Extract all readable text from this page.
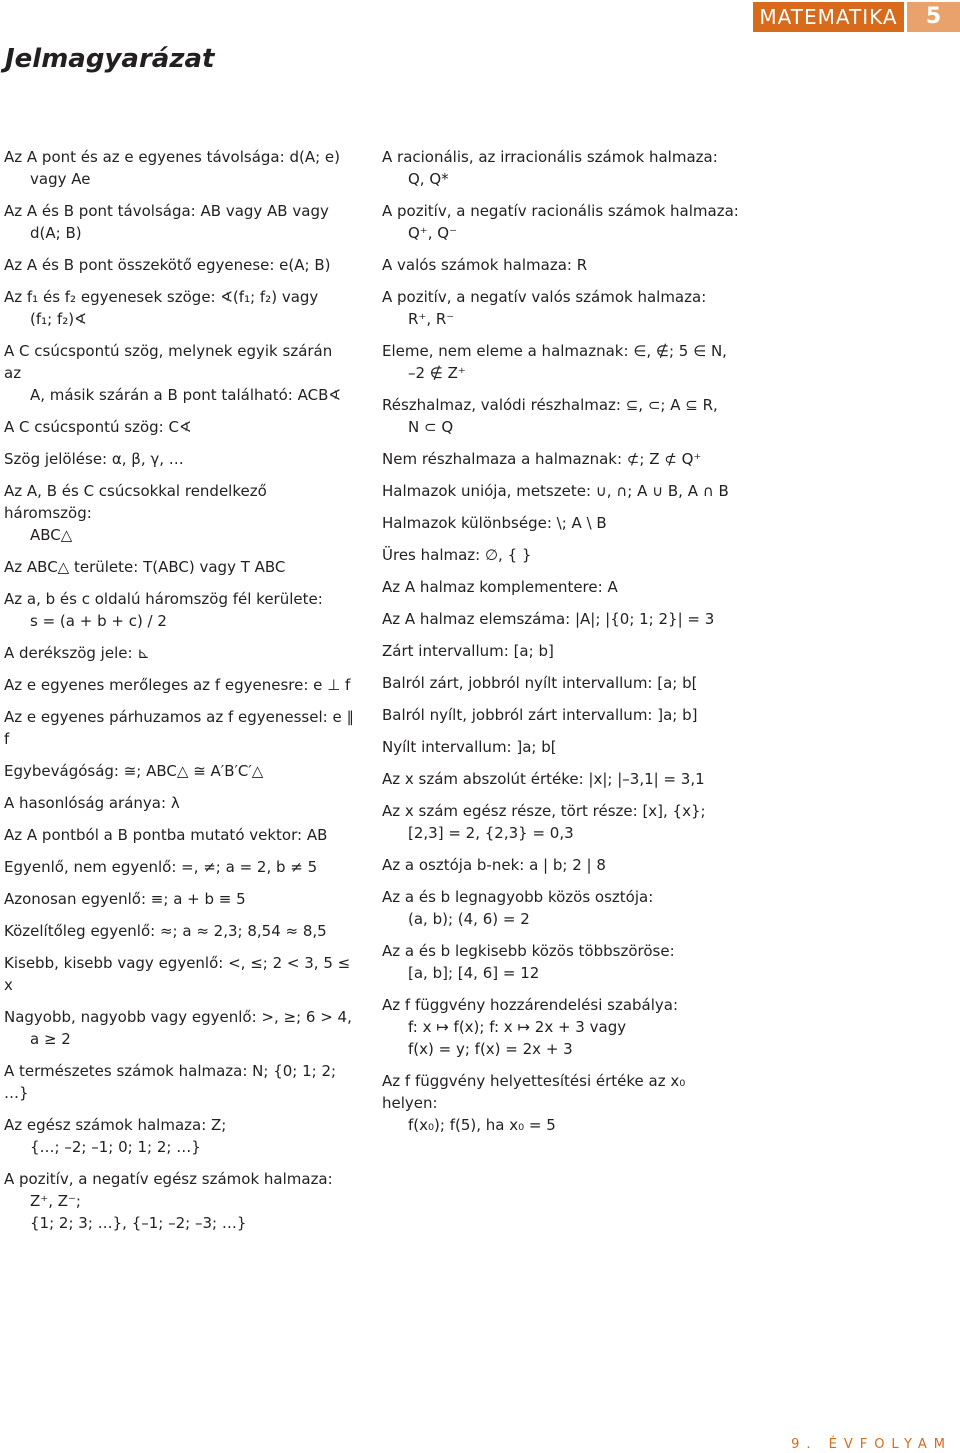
MATEMATIKA	5
Jelmagyarázat
Az A pont és az e egyenes távolsága: d(A; e)
vagy Ae
Az A és B pont távolsága: AB vagy AB vagy
d(A; B)
Az A és B pont összekötő egyenese: e(A; B)
Az f₁ és f₂ egyenesek szöge: ∢(f₁; f₂) vagy
(f₁; f₂)∢
A C csúcspontú szög, melynek egyik szárán az
A, másik szárán a B pont található: ACB∢
A C csúcspontú szög: C∢
Szög jelölése: α, β, γ, …
Az A, B és C csúcsokkal rendelkező háromszög:
ABC△
Az ABC△ területe: T(ABC) vagy T ABC
Az a, b és c oldalú háromszög fél kerülete:
s = (a + b + c) / 2
A derékszög jele: ⊾
Az e egyenes merőleges az f egyenesre: e ⊥ f
Az e egyenes párhuzamos az f egyenessel: e ∥ f
Egybevágóság: ≅; ABC△ ≅ A′B′C′△
A hasonlóság aránya: λ
Az A pontból a B pontba mutató vektor: AB
Egyenlő, nem egyenlő: =, ≠; a = 2, b ≠ 5
Azonosan egyenlő: ≡; a + b ≡ 5
Közelítőleg egyenlő: ≈; a ≈ 2,3; 8,54 ≈ 8,5
Kisebb, kisebb vagy egyenlő: <, ≤; 2 < 3, 5 ≤ x
Nagyobb, nagyobb vagy egyenlő: >, ≥; 6 > 4,
a ≥ 2
A természetes számok halmaza: N; {0; 1; 2; …}
Az egész számok halmaza: Z;
{…; –2; –1; 0; 1; 2; …}
A pozitív, a negatív egész számok halmaza:
Z⁺, Z⁻;
{1; 2; 3; …}, {–1; –2; –3; …}
A racionális, az irracionális számok halmaza:
Q, Q*
A pozitív, a negatív racionális számok halmaza:
Q⁺, Q⁻
A valós számok halmaza: R
A pozitív, a negatív valós számok halmaza:
R⁺, R⁻
Eleme, nem eleme a halmaznak: ∈, ∉; 5 ∈ N,
–2 ∉ Z⁺
Részhalmaz, valódi részhalmaz: ⊆, ⊂; A ⊆ R,
N ⊂ Q
Nem részhalmaza a halmaznak: ⊄; Z ⊄ Q⁺
Halmazok uniója, metszete: ∪, ∩; A ∪ B, A ∩ B
Halmazok különbsége: \; A \ B
Üres halmaz: ∅, { }
Az A halmaz komplementere: A
Az A halmaz elemszáma: |A|; |{0; 1; 2}| = 3
Zárt intervallum: [a; b]
Balról zárt, jobbról nyílt intervallum: [a; b[
Balról nyílt, jobbról zárt intervallum: ]a; b]
Nyílt intervallum: ]a; b[
Az x szám abszolút értéke: |x|; |–3,1| = 3,1
Az x szám egész része, tört része: [x], {x};
[2,3] = 2, {2,3} = 0,3
Az a osztója b-nek: a | b; 2 | 8
Az a és b legnagyobb közös osztója:
(a, b); (4, 6) = 2
Az a és b legkisebb közös többszöröse:
[a, b]; [4, 6] = 12
Az f függvény hozzárendelési szabálya:
f: x ↦ f(x); f: x ↦ 2x + 3 vagy
f(x) = y; f(x) = 2x + 3
Az f függvény helyettesítési értéke az x₀ helyen:
f(x₀); f(5), ha x₀ = 5
9. ÉVFOLYAM
